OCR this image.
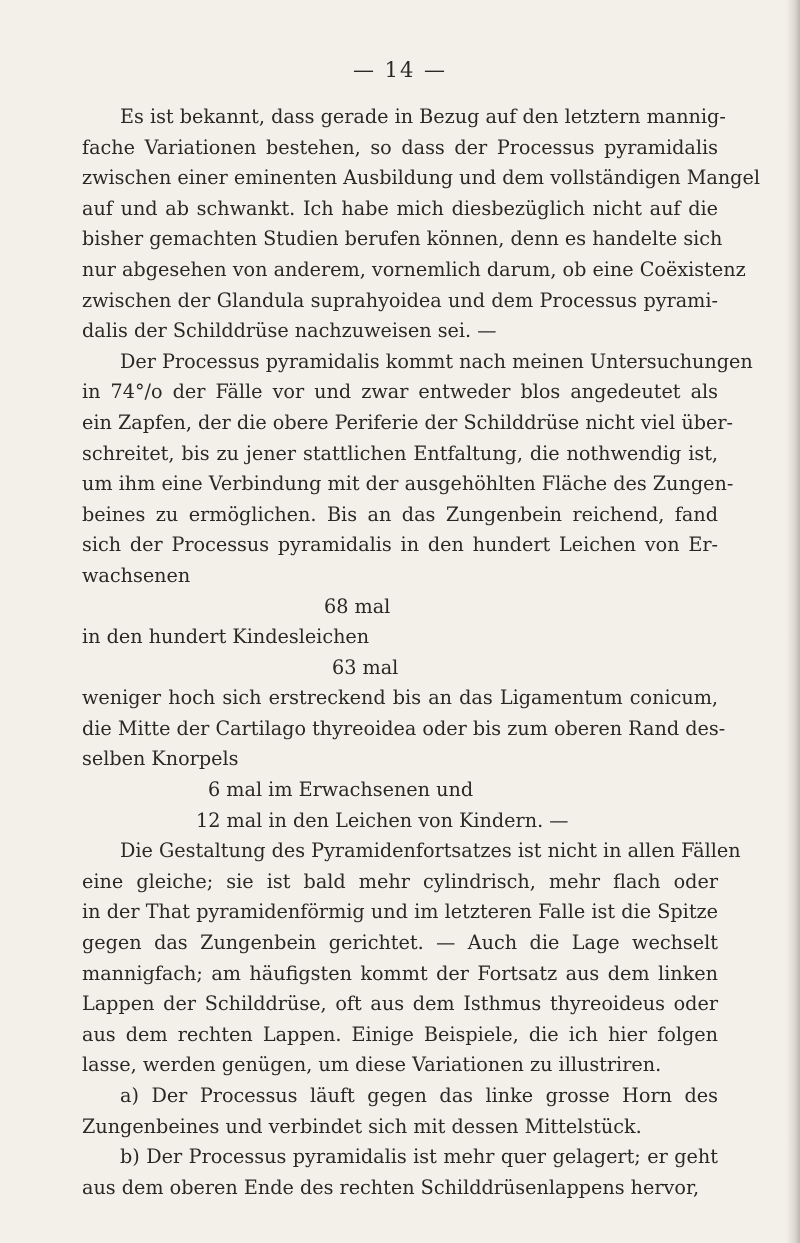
— 14 —
Es ist bekannt, dass gerade in Bezug auf den letztern mannig-
fache Variationen bestehen, so dass der Processus pyramidalis
zwischen einer eminenten Ausbildung und dem vollständigen Mangel
auf und ab schwankt. Ich habe mich diesbezüglich nicht auf die
bisher gemachten Studien berufen können, denn es handelte sich
nur abgesehen von anderem, vornemlich darum, ob eine Coëxistenz
zwischen der Glandula suprahyoidea und dem Processus pyrami-
dalis der Schilddrüse nachzuweisen sei. —
Der Processus pyramidalis kommt nach meinen Untersuchungen
in 74°/o der Fälle vor und zwar entweder blos angedeutet als
ein Zapfen, der die obere Periferie der Schilddrüse nicht viel über-
schreitet, bis zu jener stattlichen Entfaltung, die nothwendig ist,
um ihm eine Verbindung mit der ausgehöhlten Fläche des Zungen-
beines zu ermöglichen. Bis an das Zungenbein reichend, fand
sich der Processus pyramidalis in den hundert Leichen von Er-
wachsenen
68 mal
in den hundert Kindesleichen
63 mal
weniger hoch sich erstreckend bis an das Ligamentum conicum,
die Mitte der Cartilago thyreoidea oder bis zum oberen Rand des-
selben Knorpels
6 mal im Erwachsenen und
12 mal in den Leichen von Kindern. —
Die Gestaltung des Pyramidenfortsatzes ist nicht in allen Fällen
eine gleiche; sie ist bald mehr cylindrisch, mehr flach oder
in der That pyramidenförmig und im letzteren Falle ist die Spitze
gegen das Zungenbein gerichtet. — Auch die Lage wechselt
mannigfach; am häufigsten kommt der Fortsatz aus dem linken
Lappen der Schilddrüse, oft aus dem Isthmus thyreoideus oder
aus dem rechten Lappen. Einige Beispiele, die ich hier folgen
lasse, werden genügen, um diese Variationen zu illustriren.
a) Der Processus läuft gegen das linke grosse Horn des
Zungenbeines und verbindet sich mit dessen Mittelstück.
b) Der Processus pyramidalis ist mehr quer gelagert; er geht
aus dem oberen Ende des rechten Schilddrüsenlappens hervor,
